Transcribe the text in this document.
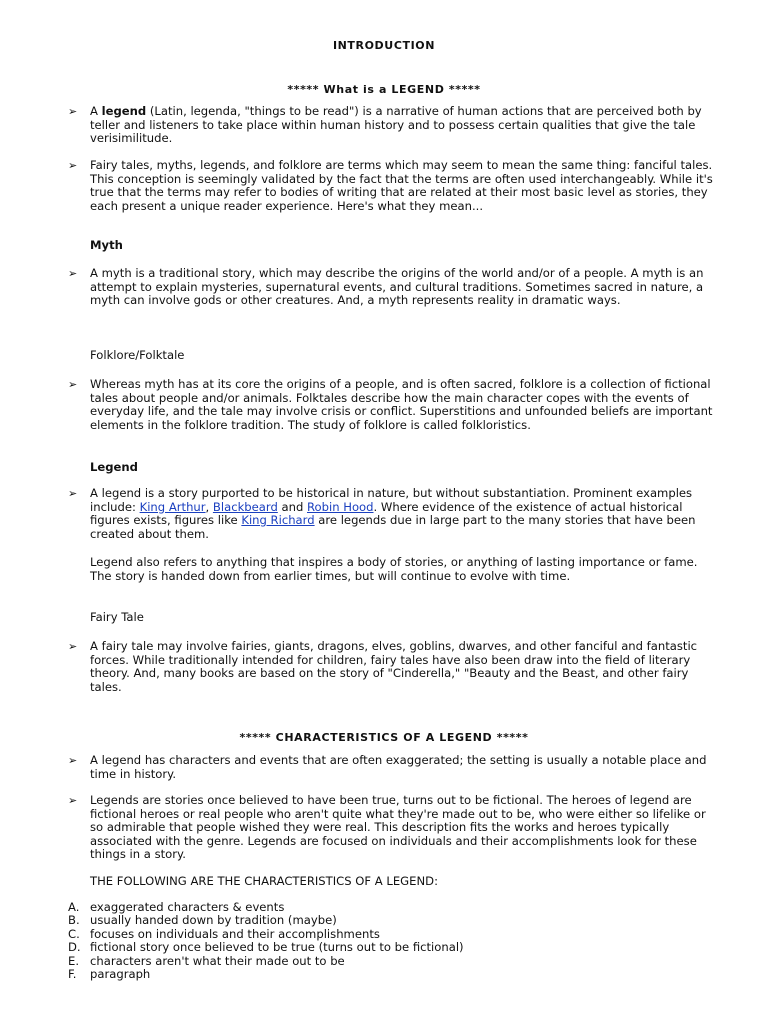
INTRODUCTION
***** What is a LEGEND *****
➢	A legend (Latin, legenda, "things to be read") is a narrative of human actions that are perceived both by teller and listeners to take place within human history and to possess certain qualities that give the tale verisimilitude.
➢	Fairy tales, myths, legends, and folklore are terms which may seem to mean the same thing: fanciful tales. This conception is seemingly validated by the fact that the terms are often used interchangeably. While it's true that the terms may refer to bodies of writing that are related at their most basic level as stories, they each present a unique reader experience. Here's what they mean...
Myth
➢	A myth is a traditional story, which may describe the origins of the world and/or of a people. A myth is an attempt to explain mysteries, supernatural events, and cultural traditions. Sometimes sacred in nature, a myth can involve gods or other creatures. And, a myth represents reality in dramatic ways.
Folklore/Folktale
➢	Whereas myth has at its core the origins of a people, and is often sacred, folklore is a collection of fictional tales about people and/or animals. Folktales describe how the main character copes with the events of everyday life, and the tale may involve crisis or conflict. Superstitions and unfounded beliefs are important elements in the folklore tradition. The study of folklore is called folkloristics.
Legend
➢	A legend is a story purported to be historical in nature, but without substantiation. Prominent examples include: King Arthur, Blackbeard and Robin Hood. Where evidence of the existence of actual historical figures exists, figures like King Richard are legends due in large part to the many stories that have been created about them.
Legend also refers to anything that inspires a body of stories, or anything of lasting importance or fame. The story is handed down from earlier times, but will continue to evolve with time.
Fairy Tale
➢	A fairy tale may involve fairies, giants, dragons, elves, goblins, dwarves, and other fanciful and fantastic forces. While traditionally intended for children, fairy tales have also been draw into the field of literary theory. And, many books are based on the story of "Cinderella," "Beauty and the Beast, and other fairy tales.
***** CHARACTERISTICS OF A LEGEND *****
➢	A legend has characters and events that are often exaggerated; the setting is usually a notable place and time in history.
➢	Legends are stories once believed to have been true, turns out to be fictional. The heroes of legend are fictional heroes or real people who aren't quite what they're made out to be, who were either so lifelike or so admirable that people wished they were real. This description fits the works and heroes typically associated with the genre. Legends are focused on individuals and their accomplishments look for these things in a story.
THE FOLLOWING ARE THE CHARACTERISTICS OF A LEGEND:
A. exaggerated characters & events
B. usually handed down by tradition (maybe)
C. focuses on individuals and their accomplishments
D. fictional story once believed to be true (turns out to be fictional)
E. characters aren't what their made out to be
F. paragraph
